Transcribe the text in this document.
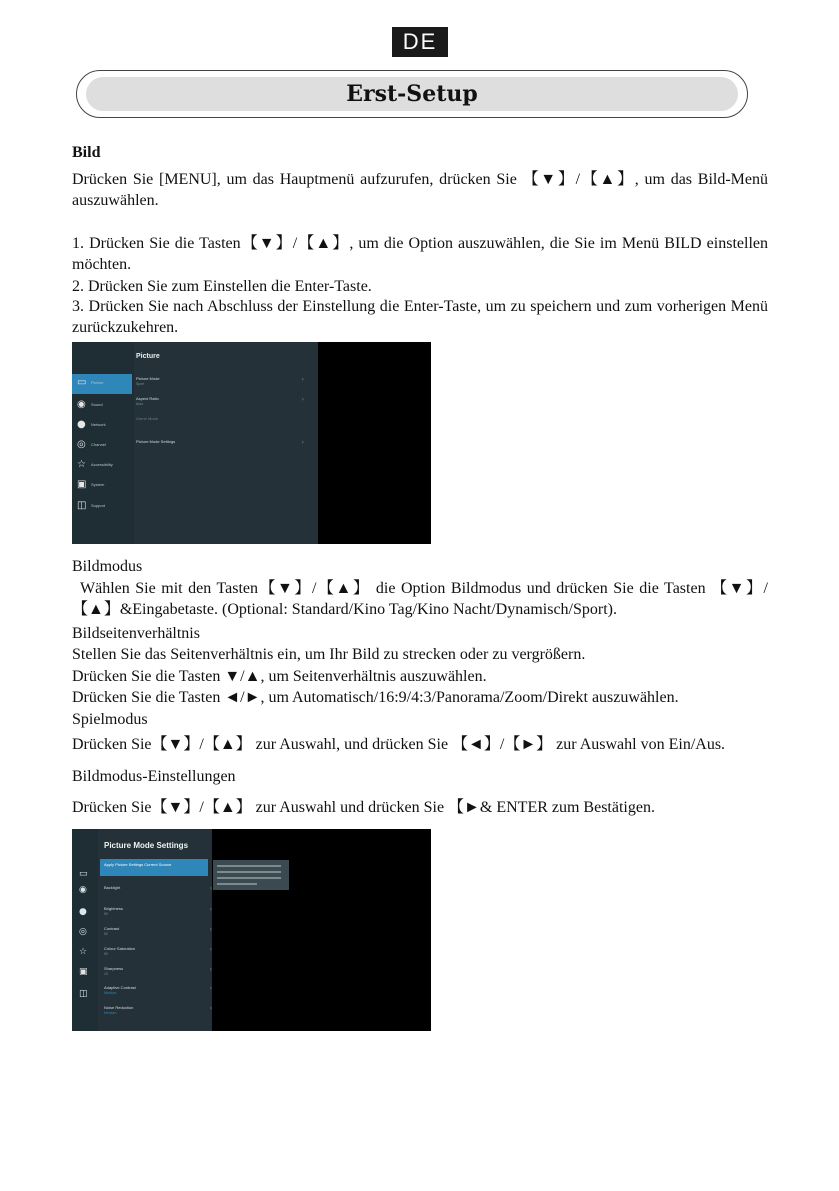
DE
Erst-Setup
Bild
Drücken Sie [MENU], um das Hauptmenü aufzurufen, drücken Sie 【▼】/【▲】, um das Bild-Menü auszuwählen.
1. Drücken Sie die Tasten【▼】/【▲】, um die Option auszuwählen, die Sie im Menü BILD einstellen möchten.
2. Drücken Sie zum Einstellen die Enter-Taste.
3. Drücken Sie nach Abschluss der Einstellung die Enter-Taste, um zu speichern und zum vorherigen Menü zurückzukehren.
▭ Picture
◉	Sound
●	Network
◎	Channel
☆ Accessibility
▣ System
◫ Support
Picture
Picture Mode
Sport
›
Aspect Ratio
Auto
›
Game Mode
Picture Mode Settings	›
Bildmodus
Wählen Sie mit den Tasten【▼】/【▲】 die Option Bildmodus und drücken Sie die Tasten 【▼】/【▲】&Eingabetaste. (Optional: Standard/Kino Tag/Kino Nacht/Dynamisch/Sport).
Bildseitenverhältnis
Stellen Sie das Seitenverhältnis ein, um Ihr Bild zu strecken oder zu vergrößern.
Drücken Sie die Tasten ▼/▲, um Seitenverhältnis auszuwählen.
Drücken Sie die Tasten ◄/►, um Automatisch/16:9/4:3/Panorama/Zoom/Direkt auszuwählen.
Spielmodus
Drücken Sie【▼】/【▲】 zur Auswahl, und drücken Sie 【◄】/【►】 zur Auswahl von Ein/Aus.
Bildmodus-Einstellungen
Drücken Sie【▼】/【▲】 zur Auswahl und drücken Sie 【►& ENTER zum Bestätigen.
▭
◉
●
◎
☆
▣
◫
Picture Mode Settings
Apply Picture Settings Current Source
Backlight	›
Brightness
50
›
Contrast
50
›
Colour Saturation
50
›
Sharpness
10
›
Adaptive Contrast
Medium
›
Noise Reduction
Medium
›
